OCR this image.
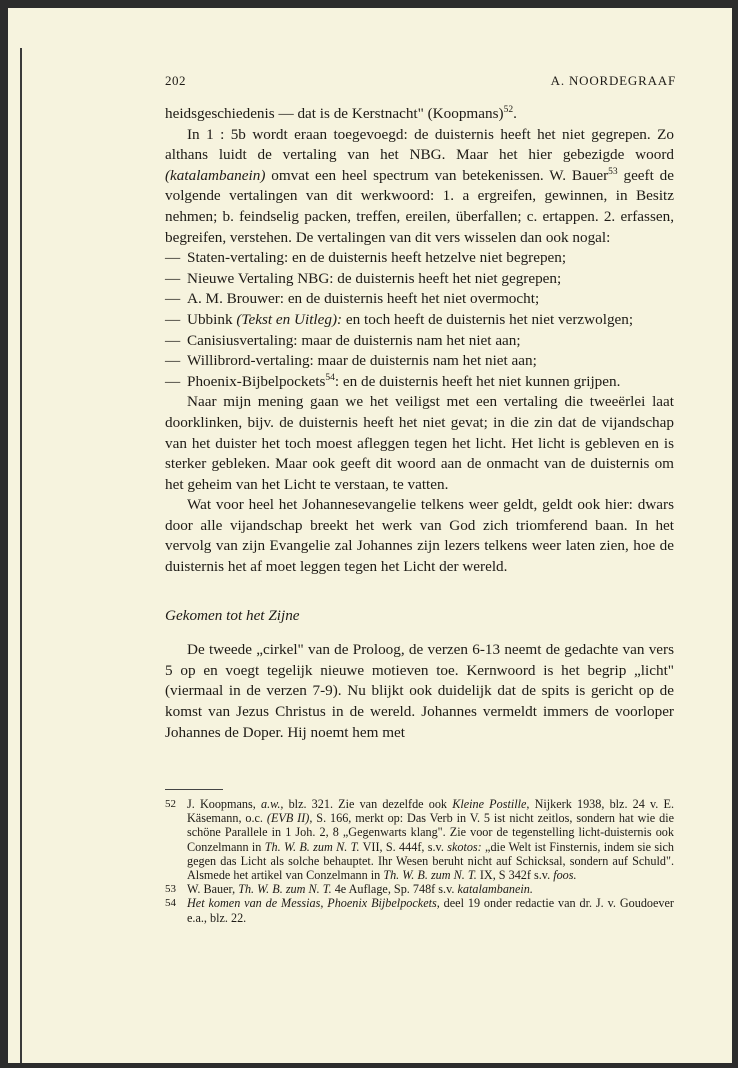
202	A. NOORDEGRAAF

heidsgeschiedenis — dat is de Kerstnacht" (Koopmans)$^{52}$.

In 1 : 5b wordt eraan toegevoegd: de duisternis heeft het niet gegrepen. Zo althans luidt de vertaling van het NBG. Maar het hier gebezigde woord (katalambanein) omvat een heel spectrum van betekenissen. W. Bauer$^{53}$ geeft de volgende vertalingen van dit werkwoord: 1. a ergreifen, gewinnen, in Besitz nehmen; b. feindselig packen, treffen, ereilen, überfallen; c. ertappen. 2. erfassen, begreifen, verstehen. De vertalingen van dit vers wisselen dan ook nogal:

— Staten-vertaling: en de duisternis heeft hetzelve niet begrepen;
— Nieuwe Vertaling NBG: de duisternis heeft het niet gegrepen;
— A. M. Brouwer: en de duisternis heeft het niet overmocht;
— Ubbink (Tekst en Uitleg): en toch heeft de duisternis het niet verzwolgen;
— Canisiusvertaling: maar de duisternis nam het niet aan;
— Willibrord-vertaling: maar de duisternis nam het niet aan;
— Phoenix-Bijbelpockets$^{54}$: en de duisternis heeft het niet kunnen grijpen.

Naar mijn mening gaan we het veiligst met een vertaling die tweeërlei laat doorklinken, bijv. de duisternis heeft het niet gevat; in die zin dat de vijandschap van het duister het toch moest afleggen tegen het licht. Het licht is gebleven en is sterker gebleken. Maar ook geeft dit woord aan de onmacht van de duisternis om het geheim van het Licht te verstaan, te vatten.

Wat voor heel het Johannesevangelie telkens weer geldt, geldt ook hier: dwars door alle vijandschap breekt het werk van God zich triomferend baan. In het vervolg van zijn Evangelie zal Johannes zijn lezers telkens weer laten zien, hoe de duisternis het af moet leggen tegen het Licht der wereld.

Gekomen tot het Zijne

De tweede „cirkel" van de Proloog, de verzen 6-13 neemt de gedachte van vers 5 op en voegt tegelijk nieuwe motieven toe. Kernwoord is het begrip „licht" (viermaal in de verzen 7-9). Nu blijkt ook duidelijk dat de spits is gericht op de komst van Jezus Christus in de wereld. Johannes vermeldt immers de voorloper Johannes de Doper. Hij noemt hem met

52 J. Koopmans, a.w., blz. 321. Zie van dezelfde ook Kleine Postille, Nijkerk 1938, blz. 24 v. E. Käsemann, o.c. (EVB II), S. 166, merkt op: Das Verb in V. 5 ist nicht zeitlos, sondern hat wie die schöne Parallele in 1 Joh. 2, 8 „Gegenwarts klang". Zie voor de tegenstelling licht-duisternis ook Conzelmann in Th. W. B. zum N. T. VII, S. 444f, s.v. skotos: „die Welt ist Finsternis, indem sie sich gegen das Licht als solche behauptet. Ihr Wesen beruht nicht auf Schicksal, sondern auf Schuld". Alsmede het artikel van Conzelmann in Th. W. B. zum N. T. IX, S 342f s.v. foos.

53 W. Bauer, Th. W. B. zum N. T. 4e Auflage, Sp. 748f s.v. katalambanein.

54 Het komen van de Messias, Phoenix Bijbelpockets, deel 19 onder redactie van dr. J. v. Goudoever e.a., blz. 22.
